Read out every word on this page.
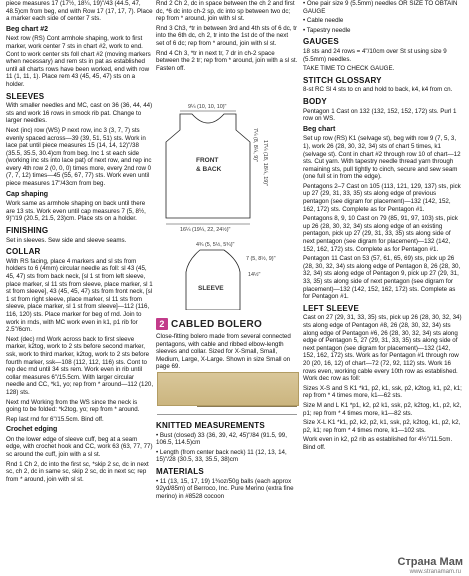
piece measures 17 (17½, 18¼, 19)"/43 (44.5, 47, 48.5)cm from beg, end with Row 17 (17, 17, 7). Place a marker each side of center 7 sts.

Beg chart #2

Next row (RS) Cont armhole shaping, work to first marker, work center 7 sts in chart #2, work to end. Cont to work center sts foll chart #2 (moving markers when necessary) and rem sts in pat as established until all charts rows have been worked, end with row 11 (1, 11, 1). Place rem 43 (45, 45, 47) sts on a holder.

SLEEVES

With smaller needles and MC, cast on 36 (36, 44, 44) sts and work 16 rows in smock rib pat. Change to larger needles.

Next (inc) row (WS) P next row, inc 3 (3, 7, 7) sts evenly spaced across—39 (39, 51, 51) sts. Work in lace pat until piece measures 15 (14, 14, 12)"/38 (35.5, 35.5, 30.4)cm from beg. Inc 1 st each side (working inc sts into lace pat) of next row, and rep inc every 4th row 2 (0, 0, 0) times more, every 2nd row 0 (7, 7, 12) times—45 (55, 67, 77) sts. Work even until piece measures 17"/43cm from beg.

Cap shaping

Work same as armhole shaping on back until there are 13 sts. Work even until cap measures 7 (5, 8½, 9)"/19 (20.5, 21.5, 23)cm. Place sts on a holder.

FINISHING

Set in sleeves. Sew side and sleeve seams.

COLLAR

With RS facing, place 4 markers and sl sts from holders to 6 (4mm) circular needle as foll: sl 43 (45, 45, 47) sts from back neck, [sl 1 st from left sleeve, place marker, sl 11 sts from sleeve, place marker, sl 1 st from sleeve], 43 (45, 45, 47) sts from front neck, [sl 1 st from right sleeve, place marker, sl 11 sts from sleeve, place marker, sl 1 st from sleeve]—112 (116, 116, 120) sts. Place marker for beg of rnd. Join to work in rnds, with MC work even in k1, p1 rib for 2.5"/6cm.

Next (dec) rnd Work across back to first sleeve marker, k2tog, work to 2 sts before second marker, ssk, work to third marker, k2tog, work to 2 sts before fourth marker, ssk—108 (112, 112, 116) sts. Cont to rep dec rnd until 34 sts rem. Work even in rib until collar measures 6"/15.5cm. With larger circular needle and CC, *k1, yo; rep from * around—112 (120, 128) sts.

Next rnd Working from the WS since the neck is going to be folded: *k2tog, yo; rep from * around.

Rep last rnd for 6"/15.5cm. Bind off.

Crochet edging

On the lower edge of sleeve cuff, beg at a seam edge, with crochet hook and CC, work 63 (63, 77, 77) sc around the cuff, join with a sl st.

Rnd 1 Ch 2, dc into the first sc, *skip 2 sc, dc in next sc, ch 2, dc in same sc, skip 2 sc, dc in next sc; rep from * around, join with sl st.

Rnd 2 Ch 2, dc in space between the ch 2 and first dc, *6 dc into ch-2 sp, dc into sp between two dc; rep from * around, join with sl st.

Rnd 3 Ch3, *tr in between 3rd and 4th sts of 6 dc, tr into the 6th dc, ch 2, tr into the 1st dc of the next set of 6 dc; rep from * around, join with sl st.

Rnd 4 Ch 3, *tr in next tr, 7 dr in ch-2 space between the 2 tr; rep from * around, join with a sl st. Fasten off.

9¼ (10, 10, 10)"
FRONT
& BACK
7¼ (8, 8¼, 9)" 17¼ (18, 18¼, 19)"
16¼ (19¼, 22, 24½)"
4¾ (5, 5½, 5¾)"
SLEEVE
14½"
7 (5, 8½, 9)"
2 CABLED BOLERO

Close-fitting bolero made from several connected pentagons, with cable and ribbed elbow-length sleeves and collar. Sized for X-Small, Small, Medium, Large, X-Large. Shown in size Small on page 69.

KNITTED MEASUREMENTS

• Bust (closed) 33 (36, 39, 42, 45)"/84 (91.5, 99, 106.5, 114.5)cm

• Length (from center back neck) 11 (12, 13, 14, 15)"/28 (30.5, 33, 35.5, 38)cm

MATERIALS

• 11 (13, 15, 17, 19) 1¾oz/50g balls (each approx 92yd/85m) of Berroco, Inc. Pure Merino (extra fine merino) in #8528 cocoon

• One pair size 9 (5.5mm) needles OR SIZE TO OBTAIN GAUGE

• Cable needle

• Tapestry needle

GAUGES

18 sts and 24 rows = 4"/10cm over St st using size 9 (5.5mm) needles.

TAKE TIME TO CHECK GAUGE.

STITCH GLOSSARY

8-st RC Sl 4 sts to cn and hold to back, k4, k4 from cn.

BODY

Pentagon 1 Cast on 132 (132, 152, 152, 172) sts. Purl 1 row on WS.

Beg chart

Set up row (RS) K1 (selvage st), beg with row 9 (7, 5, 3, 1), work 26 (28, 30, 32, 34) sts of chart 5 times, k1 (selvage st). Cont in chart #2 through row 10 of chart—12 sts. Cut yarn. With tapestry needle thread yarn through remaining sts, pull tightly to cinch, secure and sew seam (one full st in from the edge).

Pentagons 2–7 Cast on 105 (113, 121, 129, 137) sts, pick up 27 (29, 31, 33, 35) sts along edge of previous pentagon (see digram for placement)—132 (142, 152, 162, 172) sts. Complete as for Pentagon #1.

Pentagons 8, 9, 10 Cast on 79 (85, 91, 97, 103) sts, pick up 26 (28, 30, 32, 34) sts along edge of an existing pentagon, pick up 27 (29, 31, 33, 35) sts along side of next pentagon (see digram for placement)—132 (142, 152, 162, 172) sts. Complete as for Pentagon #1.

Pentagon 11 Cast on 53 (57, 61, 65, 69) sts, pick up 26 (28, 30, 32, 34) sts along edge of Pentagon 8, 26 (28, 30, 32, 34) sts along edge of Pentagon 9, pick up 27 (29, 31, 33, 35) sts along side of next pentagon (see digram for placement)—132 (142, 152, 162, 172) sts. Complete as for Pentagon #1.

LEFT SLEEVE

Cast on 27 (29, 31, 33, 35) sts, pick up 26 (28, 30, 32, 34) sts along edge of Pentagon #8, 26 (28, 30, 32, 34) sts along edge of Pentagon #6, 26 (28, 30, 32, 34) sts along edge of Pentagon 5, 27 (29, 31, 33, 35) sts along side of next pentagon (see digram for placement)—132 (142, 152, 162, 172) sts. Work as for Pentagon #1 through row 20 (20, 16, 12) of chart—72 (72, 92, 112) sts. Work 16 rows even, working cable every 10th row as established. Work dec row as foll:

Sizes X-S and S K1 *k1, p2, k1, ssk, p2, k2tog, k1, p2, k1; rep from * 4 times more, k1—62 sts.

Size M and L K1 *p1, k2, p2 k1, ssk, p2, k2tog, k1, p2, k2, p1; rep from * 4 times more, k1—82 sts.

Size X-L K1 *k1, p2, k2, p2, k1, ssk, p2, k2tog, k1, p2, k2, p2, k1; rep from * 4 times more, k1—102 sts.

Work even in k2, p2 rib as established for 4½"/11.5cm. Bind off.

Страна Мам
www.stranamam.ru
